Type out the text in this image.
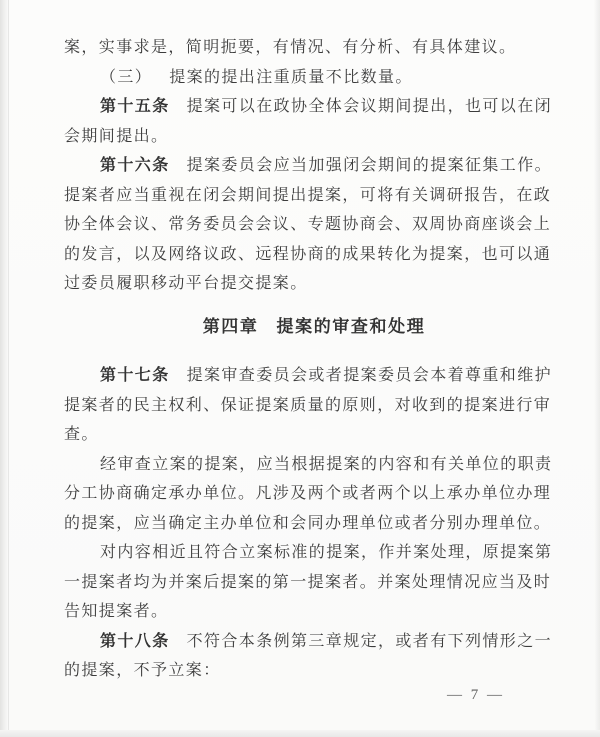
案，实事求是，简明扼要，有情况、有分析、有具体建议。
（三） 提案的提出注重质量不比数量。
第十五条 提案可以在政协全体会议期间提出，也可以在闭
会期间提出。
第十六条 提案委员会应当加强闭会期间的提案征集工作。
提案者应当重视在闭会期间提出提案，可将有关调研报告，在政
协全体会议、常务委员会会议、专题协商会、双周协商座谈会上
的发言，以及网络议政、远程协商的成果转化为提案，也可以通
过委员履职移动平台提交提案。
第四章 提案的审查和处理
第十七条 提案审查委员会或者提案委员会本着尊重和维护
提案者的民主权利、保证提案质量的原则，对收到的提案进行审
查。
经审查立案的提案，应当根据提案的内容和有关单位的职责
分工协商确定承办单位。凡涉及两个或者两个以上承办单位办理
的提案，应当确定主办单位和会同办理单位或者分别办理单位。
对内容相近且符合立案标准的提案，作并案处理，原提案第
一提案者均为并案后提案的第一提案者。并案处理情况应当及时
告知提案者。
第十八条 不符合本条例第三章规定，或者有下列情形之一
的提案，不予立案：
— 7 —
